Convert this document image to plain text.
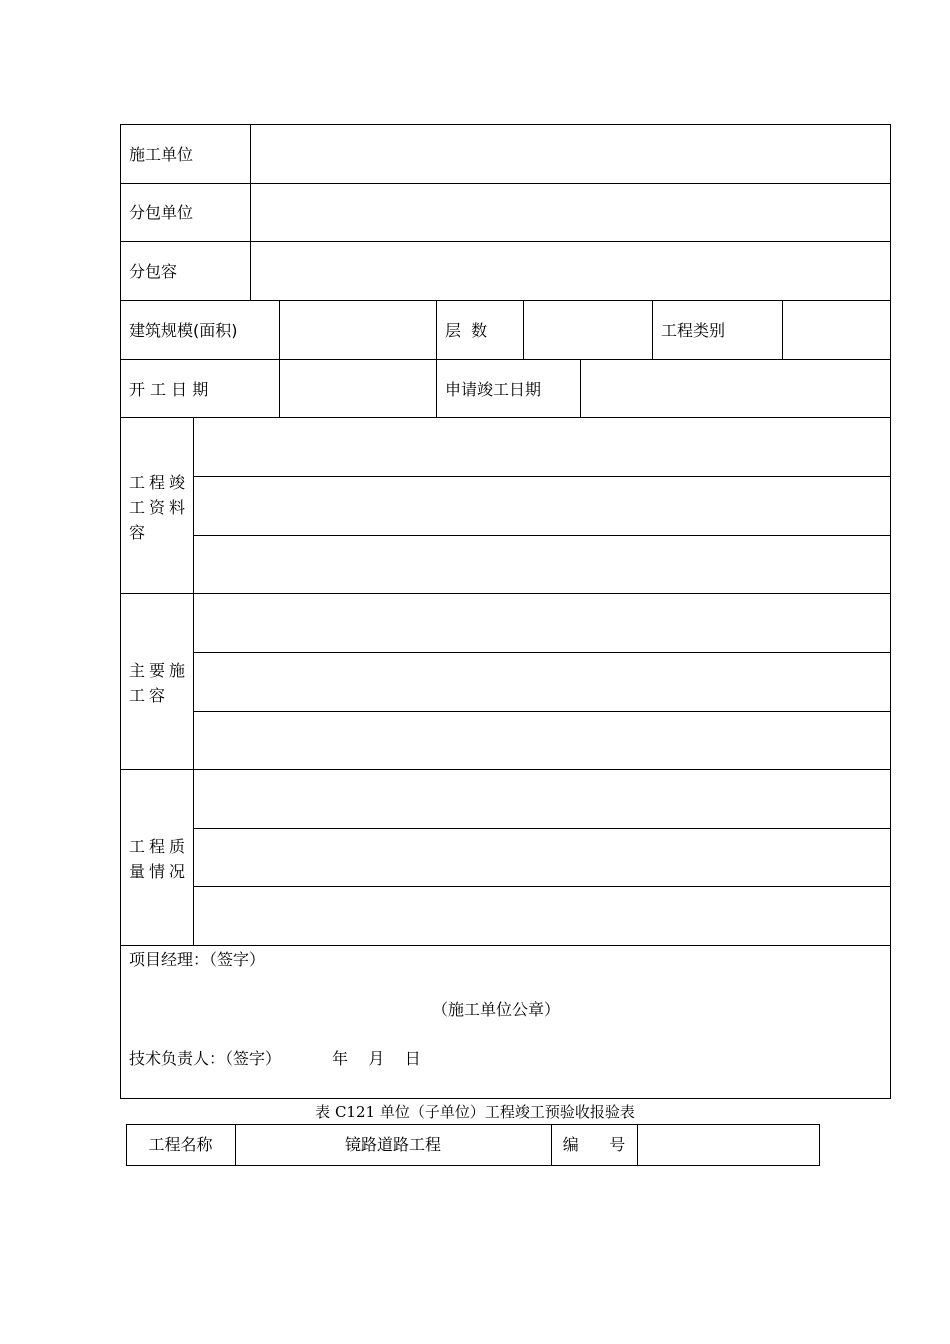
施工单位
分包单位
分包容
建筑规模(面积)	层  数	工程类别
开 工 日 期	申请竣工日期
工程竣工资料容
主要施工容
工程质量情况
项目经理：（签字）
（施工单位公章）
技术负责人：（签字）	年    月    日
表 C121 单位（子单位）工程竣工预验收报验表
工程名称	镜路道路工程	编      号
